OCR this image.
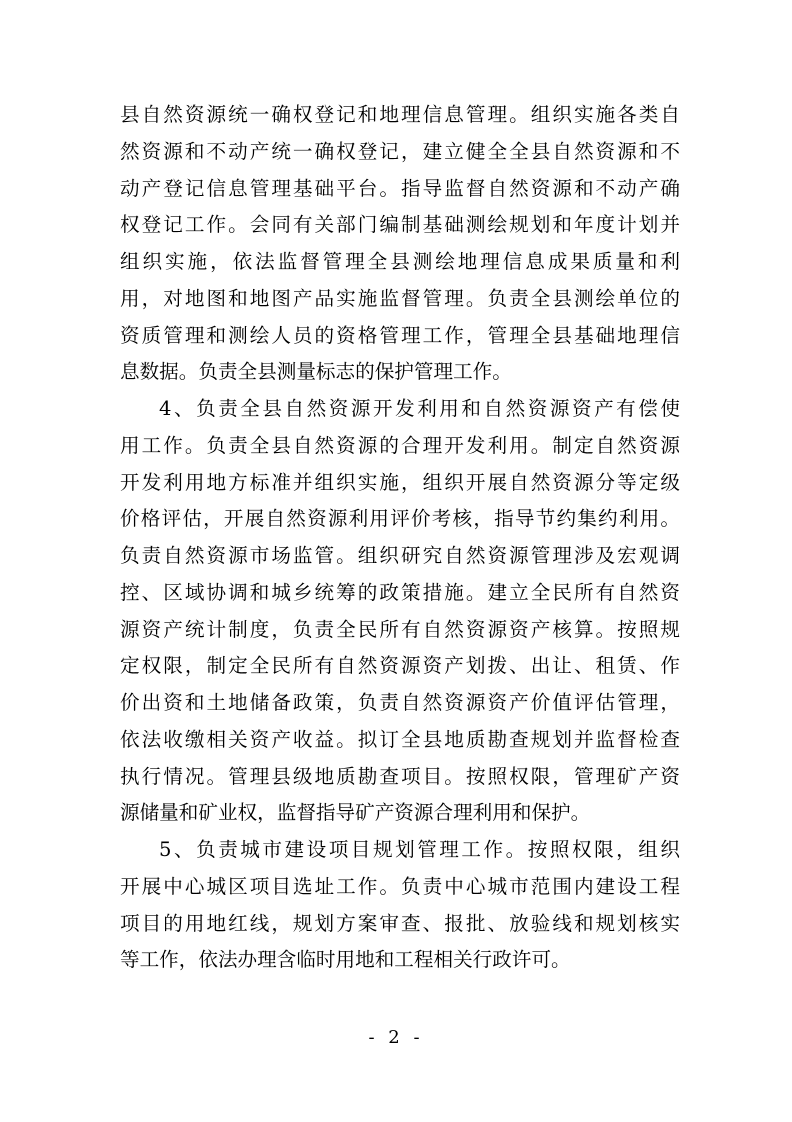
县自然资源统一确权登记和地理信息管理。组织实施各类自
然资源和不动产统一确权登记，建立健全全县自然资源和不
动产登记信息管理基础平台。指导监督自然资源和不动产确
权登记工作。会同有关部门编制基础测绘规划和年度计划并
组织实施，依法监督管理全县测绘地理信息成果质量和利
用，对地图和地图产品实施监督管理。负责全县测绘单位的
资质管理和测绘人员的资格管理工作，管理全县基础地理信
息数据。负责全县测量标志的保护管理工作。
4、负责全县自然资源开发利用和自然资源资产有偿使
用工作。负责全县自然资源的合理开发利用。制定自然资源
开发利用地方标准并组织实施，组织开展自然资源分等定级
价格评估，开展自然资源利用评价考核，指导节约集约利用。
负责自然资源市场监管。组织研究自然资源管理涉及宏观调
控、区域协调和城乡统筹的政策措施。建立全民所有自然资
源资产统计制度，负责全民所有自然资源资产核算。按照规
定权限，制定全民所有自然资源资产划拨、出让、租赁、作
价出资和土地储备政策，负责自然资源资产价值评估管理，
依法收缴相关资产收益。拟订全县地质勘查规划并监督检查
执行情况。管理县级地质勘查项目。按照权限，管理矿产资
源储量和矿业权，监督指导矿产资源合理利用和保护。
5、负责城市建设项目规划管理工作。按照权限，组织
开展中心城区项目选址工作。负责中心城市范围内建设工程
项目的用地红线，规划方案审查、报批、放验线和规划核实
等工作，依法办理含临时用地和工程相关行政许可。
- 2 -
